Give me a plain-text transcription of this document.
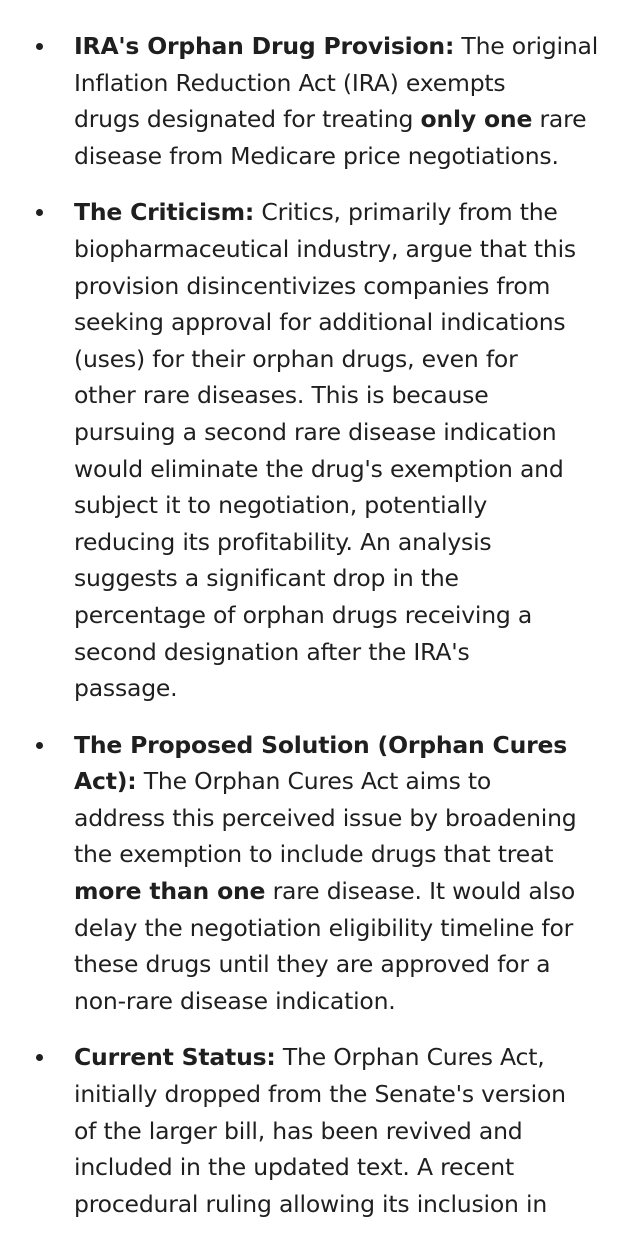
IRA's Orphan Drug Provision: The original
Inflation Reduction Act (IRA) exempts
drugs designated for treating only one rare
disease from Medicare price negotiations.
The Criticism: Critics, primarily from the
biopharmaceutical industry, argue that this
provision disincentivizes companies from
seeking approval for additional indications
(uses) for their orphan drugs, even for
other rare diseases. This is because
pursuing a second rare disease indication
would eliminate the drug's exemption and
subject it to negotiation, potentially
reducing its profitability. An analysis
suggests a significant drop in the
percentage of orphan drugs receiving a
second designation after the IRA's
passage.
The Proposed Solution (Orphan Cures
Act): The Orphan Cures Act aims to
address this perceived issue by broadening
the exemption to include drugs that treat
more than one rare disease. It would also
delay the negotiation eligibility timeline for
these drugs until they are approved for a
non-rare disease indication.
Current Status: The Orphan Cures Act,
initially dropped from the Senate's version
of the larger bill, has been revived and
included in the updated text. A recent
procedural ruling allowing its inclusion in
